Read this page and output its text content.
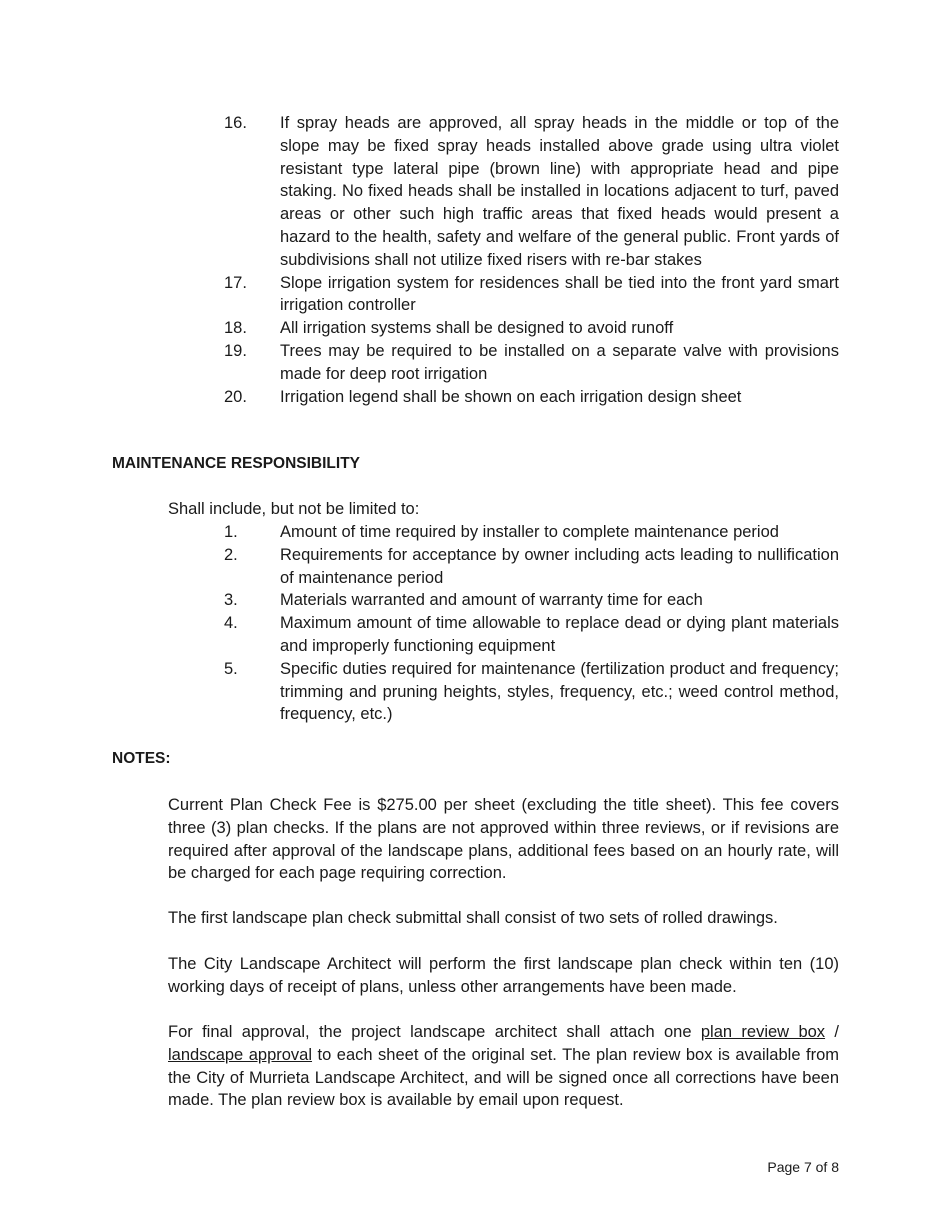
16.	If spray heads are approved, all spray heads in the middle or top of the slope may be fixed spray heads installed above grade using ultra violet resistant type lateral pipe (brown line) with appropriate head and pipe staking. No fixed heads shall be installed in locations adjacent to turf, paved areas or other such high traffic areas that fixed heads would present a hazard to the health, safety and welfare of the general public. Front yards of subdivisions shall not utilize fixed risers with re-bar stakes
17.	Slope irrigation system for residences shall be tied into the front yard smart irrigation controller
18.	All irrigation systems shall be designed to avoid runoff
19.	Trees may be required to be installed on a separate valve with provisions made for deep root irrigation
20.	Irrigation legend shall be shown on each irrigation design sheet
MAINTENANCE RESPONSIBILITY

Shall include, but not be limited to:

1.	Amount of time required by installer to complete maintenance period
2.	Requirements for acceptance by owner including acts leading to nullification of maintenance period
3.	Materials warranted and amount of warranty time for each
4.	Maximum amount of time allowable to replace dead or dying plant materials and improperly functioning equipment
5.	Specific duties required for maintenance (fertilization product and frequency; trimming and pruning heights, styles, frequency, etc.; weed control method, frequency, etc.)
NOTES:

Current Plan Check Fee is $275.00 per sheet (excluding the title sheet). This fee covers three (3) plan checks. If the plans are not approved within three reviews, or if revisions are required after approval of the landscape plans, additional fees based on an hourly rate, will be charged for each page requiring correction.

The first landscape plan check submittal shall consist of two sets of rolled drawings.

The City Landscape Architect will perform the first landscape plan check within ten (10) working days of receipt of plans, unless other arrangements have been made.

For final approval, the project landscape architect shall attach one plan review box / landscape approval to each sheet of the original set. The plan review box is available from the City of Murrieta Landscape Architect, and will be signed once all corrections have been made. The plan review box is available by email upon request.

Page 7 of 8
